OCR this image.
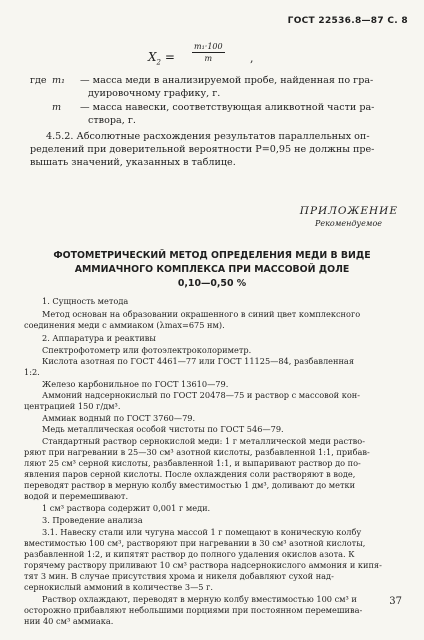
ГОСТ 22536.8—87 С. 8
$X_2 = \frac{\text{m₁·100}}{m}$ ,
где m₁ — масса меди в анализируемой пробе, найденная по гра-
дуировочному графику, г.
m — масса навески, соответствующая аликвотной части ра-
створа, г.
4.5.2. Абсолютные расхождения результатов параллельных оп-
ределений при доверительной вероятности P=0,95 не должны пре-
вышать значений, указанных в таблице.
ПРИЛОЖЕНИЕ
Рекомендуемое
ФОТОМЕТРИЧЕСКИЙ МЕТОД ОПРЕДЕЛЕНИЯ МЕДИ В ВИДЕ
АММИАЧНОГО КОМПЛЕКСА ПРИ МАССОВОЙ ДОЛЕ
0,10—0,50 %
1. Сущность метода
Метод основан на образовании окрашенного в синий цвет комплексного
соединения меди с аммиаком (λmax=675 нм).
2. Аппаратура и реактивы
Спектрофотометр или фотоэлектроколориметр.
Кислота азотная по ГОСТ 4461—77 или ГОСТ 11125—84, разбавленная
1:2.
Железо карбонильное по ГОСТ 13610—79.
Аммоний надсернокислый по ГОСТ 20478—75 и раствор с массовой кон-
центрацией 150 г/дм³.
Аммиак водный по ГОСТ 3760—79.
Медь металлическая особой чистоты по ГОСТ 546—79.
Стандартный раствор сернокислой меди: 1 г металлической меди раство-
ряют при нагревании в 25—30 см³ азотной кислоты, разбавленной 1:1, прибав-
ляют 25 см³ серной кислоты, разбавленной 1:1, и выпаривают раствор до по-
явления паров серной кислоты. После охлаждения соли растворяют в воде,
переводят раствор в мерную колбу вместимостью 1 дм³, доливают до метки
водой и перемешивают.
1 см³ раствора содержит 0,001 г меди.
3. Проведение анализа
3.1. Навеску стали или чугуна массой 1 г помещают в коническую колбу
вместимостью 100 см³, растворяют при нагревании в 30 см³ азотной кислоты,
разбавленной 1:2, и кипятят раствор до полного удаления окислов азота. К
горячему раствору приливают 10 см³ раствора надсернокислого аммония и кипя-
тят 3 мин. В случае присутствия хрома и никеля добавляют сухой над-
сернокислый аммоний в количестве 3—5 г.
Раствор охлаждают, переводят в мерную колбу вместимостью 100 см³ и
осторожно прибавляют небольшими порциями при постоянном перемешива-
нии 40 см³ аммиака.
37
